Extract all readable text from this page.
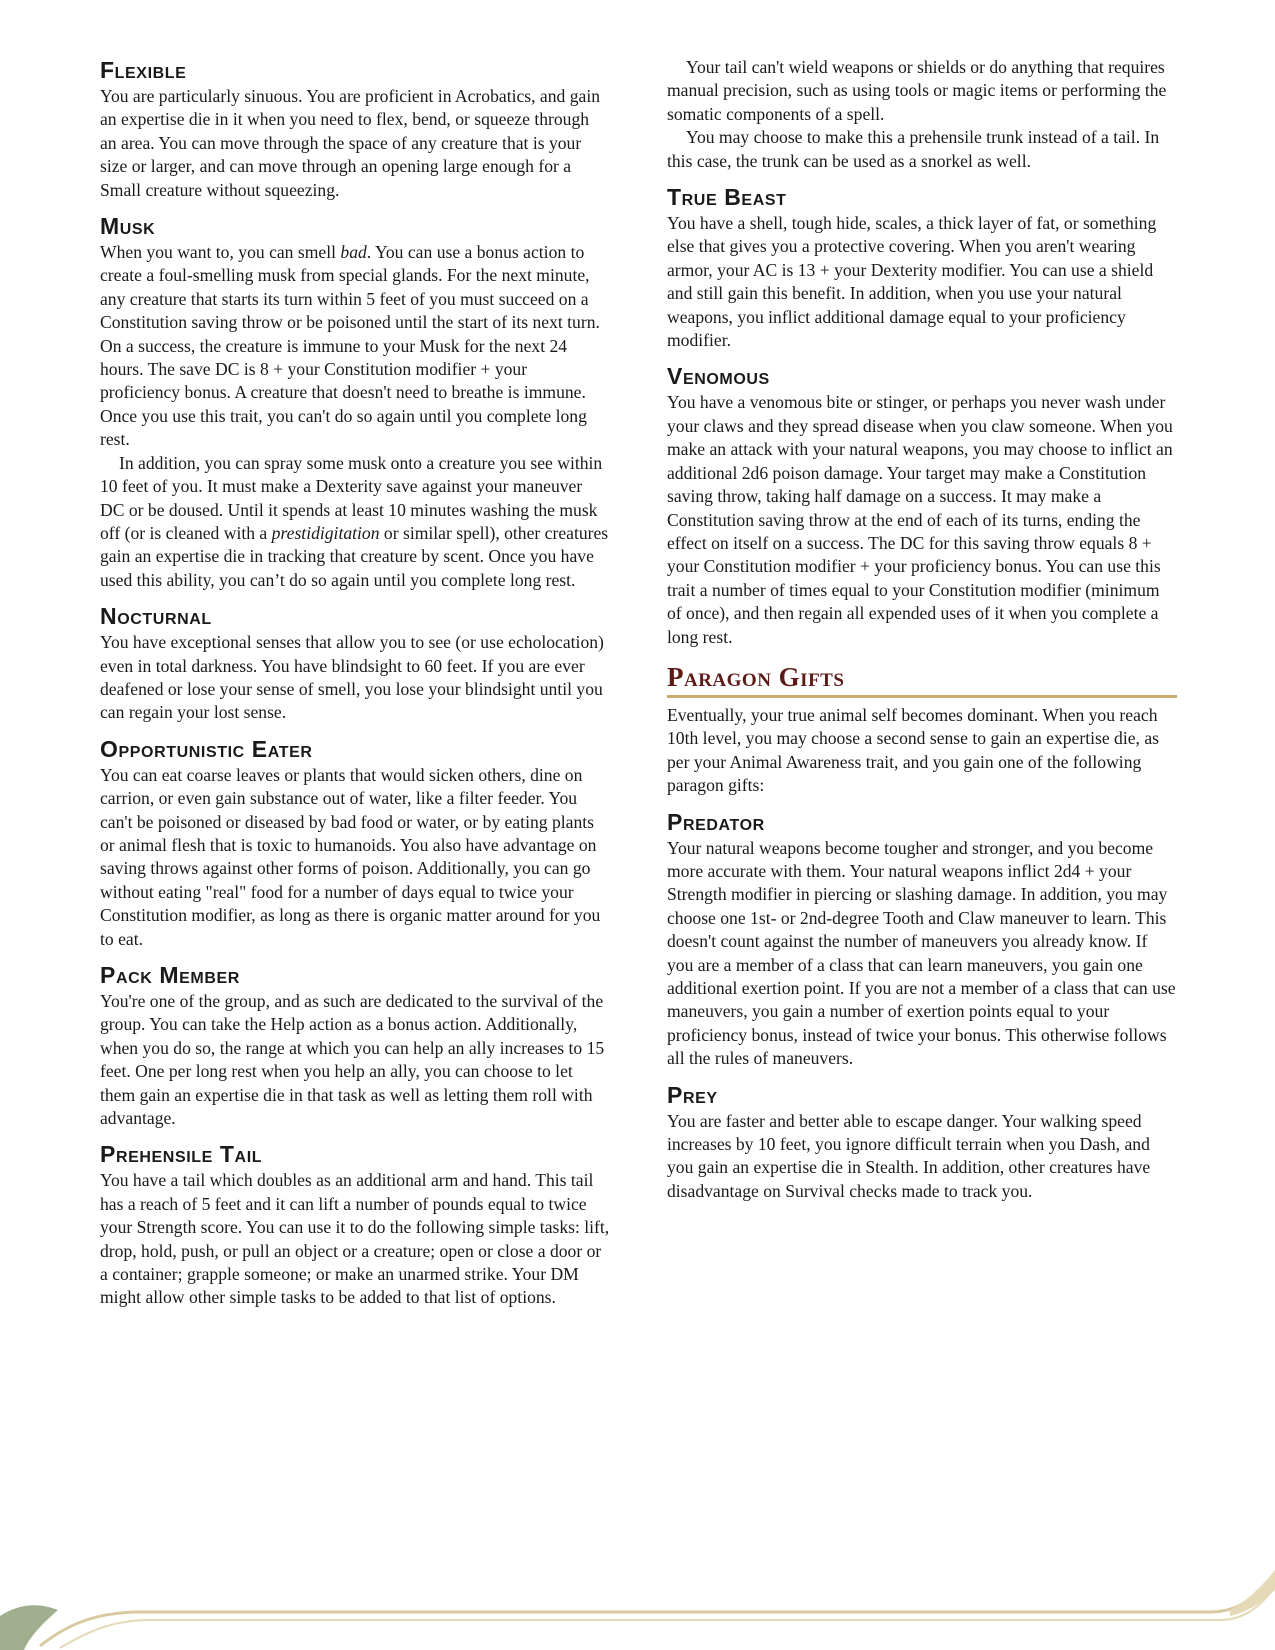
Flexible

You are particularly sinuous. You are proficient in Acrobatics, and gain an expertise die in it when you need to flex, bend, or squeeze through an area. You can move through the space of any creature that is your size or larger, and can move through an opening large enough for a Small creature without squeezing.

Musk

When you want to, you can smell bad. You can use a bonus action to create a foul-smelling musk from special glands. For the next minute, any creature that starts its turn within 5 feet of you must succeed on a Constitution saving throw or be poisoned until the start of its next turn. On a success, the creature is immune to your Musk for the next 24 hours. The save DC is 8 + your Constitution modifier + your proficiency bonus. A creature that doesn't need to breathe is immune. Once you use this trait, you can't do so again until you complete long rest.

In addition, you can spray some musk onto a creature you see within 10 feet of you. It must make a Dexterity save against your maneuver DC or be doused. Until it spends at least 10 minutes washing the musk off (or is cleaned with a prestidigitation or similar spell), other creatures gain an expertise die in tracking that creature by scent. Once you have used this ability, you can’t do so again until you complete long rest.

Nocturnal

You have exceptional senses that allow you to see (or use echolocation) even in total darkness. You have blindsight to 60 feet. If you are ever deafened or lose your sense of smell, you lose your blindsight until you can regain your lost sense.

Opportunistic Eater

You can eat coarse leaves or plants that would sicken others, dine on carrion, or even gain substance out of water, like a filter feeder. You can't be poisoned or diseased by bad food or water, or by eating plants or animal flesh that is toxic to humanoids. You also have advantage on saving throws against other forms of poison. Additionally, you can go without eating "real" food for a number of days equal to twice your Constitution modifier, as long as there is organic matter around for you to eat.

Pack Member

You're one of the group, and as such are dedicated to the survival of the group. You can take the Help action as a bonus action. Additionally, when you do so, the range at which you can help an ally increases to 15 feet. One per long rest when you help an ally, you can choose to let them gain an expertise die in that task as well as letting them roll with advantage.

Prehensile Tail

You have a tail which doubles as an additional arm and hand. This tail has a reach of 5 feet and it can lift a number of pounds equal to twice your Strength score. You can use it to do the following simple tasks: lift, drop, hold, push, or pull an object or a creature; open or close a door or a container; grapple someone; or make an unarmed strike. Your DM might allow other simple tasks to be added to that list of options.

Your tail can't wield weapons or shields or do anything that requires manual precision, such as using tools or magic items or performing the somatic components of a spell.

You may choose to make this a prehensile trunk instead of a tail. In this case, the trunk can be used as a snorkel as well.

True Beast

You have a shell, tough hide, scales, a thick layer of fat, or something else that gives you a protective covering. When you aren't wearing armor, your AC is 13 + your Dexterity modifier. You can use a shield and still gain this benefit. In addition, when you use your natural weapons, you inflict additional damage equal to your proficiency modifier.

Venomous

You have a venomous bite or stinger, or perhaps you never wash under your claws and they spread disease when you claw someone. When you make an attack with your natural weapons, you may choose to inflict an additional 2d6 poison damage. Your target may make a Constitution saving throw, taking half damage on a success. It may make a Constitution saving throw at the end of each of its turns, ending the effect on itself on a success. The DC for this saving throw equals 8 + your Constitution modifier + your proficiency bonus. You can use this trait a number of times equal to your Constitution modifier (minimum of once), and then regain all expended uses of it when you complete a long rest.

Paragon Gifts

Eventually, your true animal self becomes dominant. When you reach 10th level, you may choose a second sense to gain an expertise die, as per your Animal Awareness trait, and you gain one of the following paragon gifts:

Predator

Your natural weapons become tougher and stronger, and you become more accurate with them. Your natural weapons inflict 2d4 + your Strength modifier in piercing or slashing damage. In addition, you may choose one 1st- or 2nd-degree Tooth and Claw maneuver to learn. This doesn't count against the number of maneuvers you already know. If you are a member of a class that can learn maneuvers, you gain one additional exertion point. If you are not a member of a class that can use maneuvers, you gain a number of exertion points equal to your proficiency bonus, instead of twice your bonus. This otherwise follows all the rules of maneuvers.

Prey

You are faster and better able to escape danger. Your walking speed increases by 10 feet, you ignore difficult terrain when you Dash, and you gain an expertise die in Stealth. In addition, other creatures have disadvantage on Survival checks made to track you.
